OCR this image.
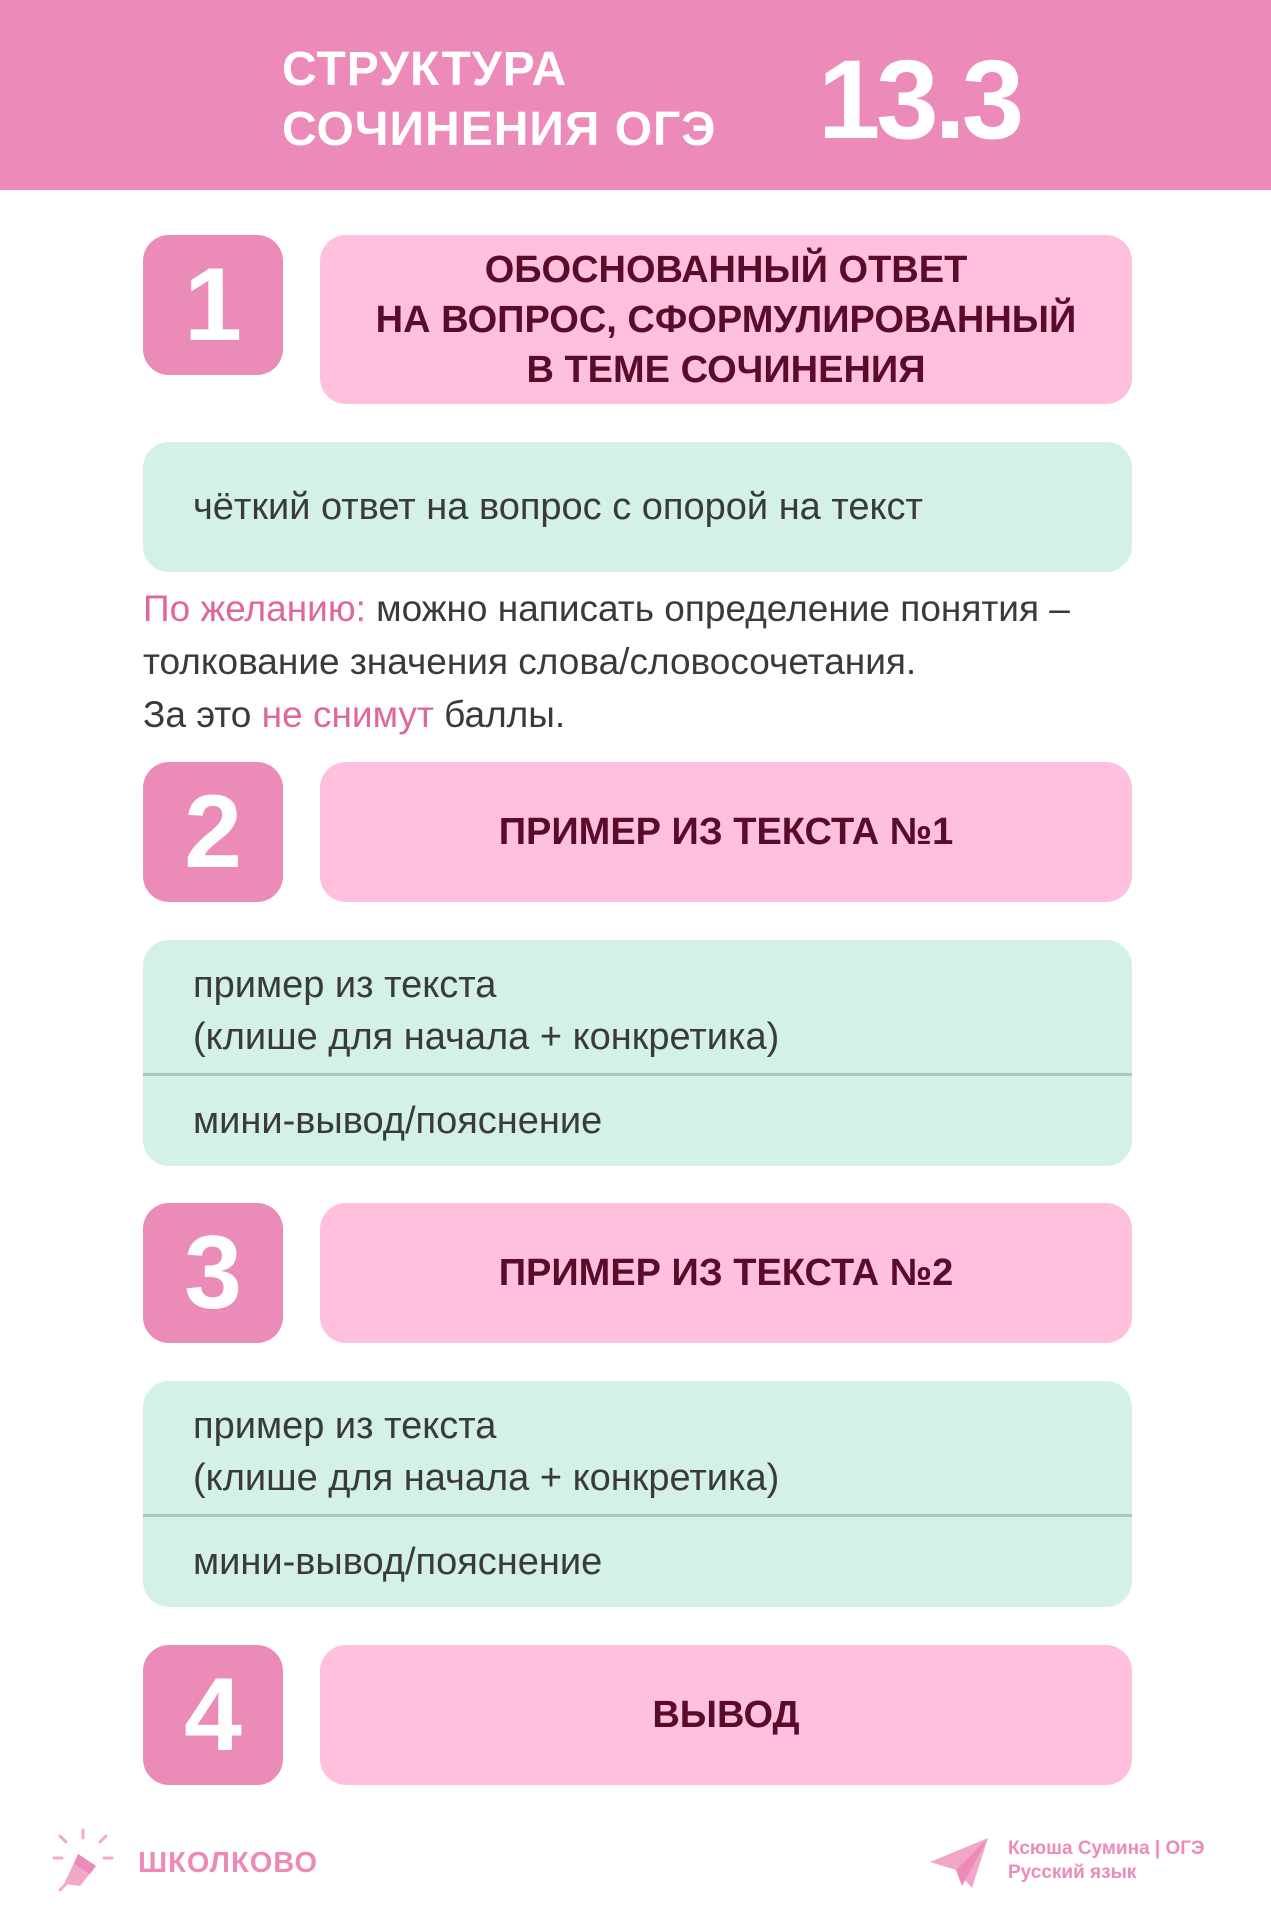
СТРУКТУРА
СОЧИНЕНИЯ ОГЭ 13.3
1	ОБОСНОВАННЫЙ ОТВЕТ
НА ВОПРОС, СФОРМУЛИРОВАННЫЙ
В ТЕМЕ СОЧИНЕНИЯ
чёткий ответ на вопрос с опорой на текст
По желанию: можно написать определение понятия –
толкование значения слова/словосочетания.
За это не снимут баллы.
2	ПРИМЕР ИЗ ТЕКСТА №1
пример из текста
(клише для начала + конкретика)
мини-вывод/пояснение
3	ПРИМЕР ИЗ ТЕКСТА №2
пример из текста
(клише для начала + конкретика)
мини-вывод/пояснение
4	ВЫВОД
ШКОЛКОВО	Ксюша Сумина | ОГЭ
Русский язык
